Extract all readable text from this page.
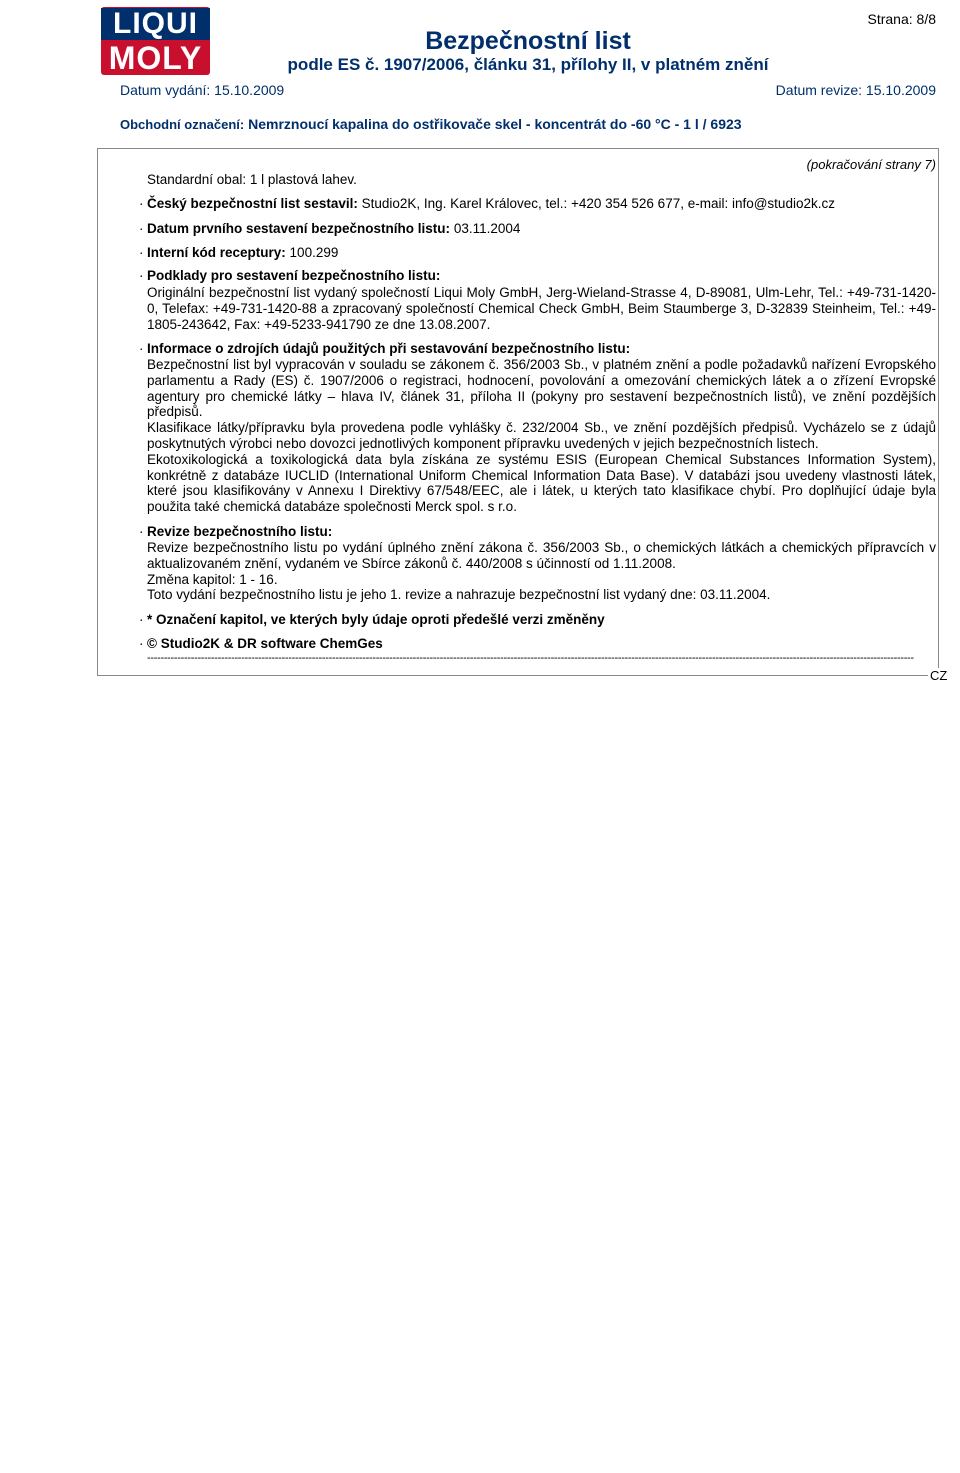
LIQUI
MOLY
Strana: 8/8
Bezpečnostní list
podle ES č. 1907/2006, článku 31, přílohy II, v platném znění
Datum vydání: 15.10.2009	Datum revize: 15.10.2009
Obchodní označení: Nemrznoucí kapalina do ostřikovače skel - koncentrát do -60 °C - 1 l / 6923
CZ
(pokračování strany 7)
Standardní obal: 1 l plastová lahev.
· Český bezpečnostní list sestavil: Studio2K, Ing. Karel Královec, tel.: +420 354 526 677, e-mail: info@studio2k.cz
· Datum prvního sestavení bezpečnostního listu: 03.11.2004
· Interní kód receptury: 100.299
· Podklady pro sestavení bezpečnostního listu:

Originální bezpečnostní list vydaný společností Liqui Moly GmbH, Jerg-Wieland-Strasse 4, D-89081, Ulm-Lehr, Tel.: +49-731-1420-0, Telefax: +49-731-1420-88 a zpracovaný společností Chemical Check GmbH, Beim Staumberge 3, D-32839 Steinheim, Tel.: +49-1805-243642, Fax: +49-5233-941790 ze dne 13.08.2007.

· Informace o zdrojích údajů použitých při sestavování bezpečnostního listu:

Bezpečnostní list byl vypracován v souladu se zákonem č. 356/2003 Sb., v platném znění a podle požadavků nařízení Evropského parlamentu a Rady (ES) č. 1907/2006 o registraci, hodnocení, povolování a omezování chemických látek a o zřízení Evropské agentury pro chemické látky – hlava IV, článek 31, příloha II (pokyny pro sestavení bezpečnostních listů), ve znění pozdějších předpisů.

Klasifikace látky/přípravku byla provedena podle vyhlášky č. 232/2004 Sb., ve znění pozdějších předpisů. Vycházelo se z údajů poskytnutých výrobci nebo dovozci jednotlivých komponent přípravku uvedených v jejich bezpečnostních listech.

Ekotoxikologická a toxikologická data byla získána ze systému ESIS (European Chemical Substances Information System), konkrétně z databáze IUCLID (International Uniform Chemical Information Data Base). V databázi jsou uvedeny vlastnosti látek, které jsou klasifikovány v Annexu I Direktivy 67/548/EEC, ale i látek, u kterých tato klasifikace chybí. Pro doplňující údaje byla použita také chemická databáze společnosti Merck spol. s r.o.

· Revize bezpečnostního listu:

Revize bezpečnostního listu po vydání úplného znění zákona č. 356/2003 Sb., o chemických látkách a chemických přípravcích v aktualizovaném znění, vydaném ve Sbírce zákonů č. 440/2008 s účinností od 1.11.2008.

Změna kapitol: 1 - 16.

Toto vydání bezpečnostního listu je jeho 1. revize a nahrazuje bezpečnostní list vydaný dne: 03.11.2004.

· * Označení kapitol, ve kterých byly údaje oproti předešlé verzi změněny
· © Studio2K & DR software ChemGes
------------------------------------------------------------------------------------------------------------------------------------------------------------------------------------------------------------------------------------
